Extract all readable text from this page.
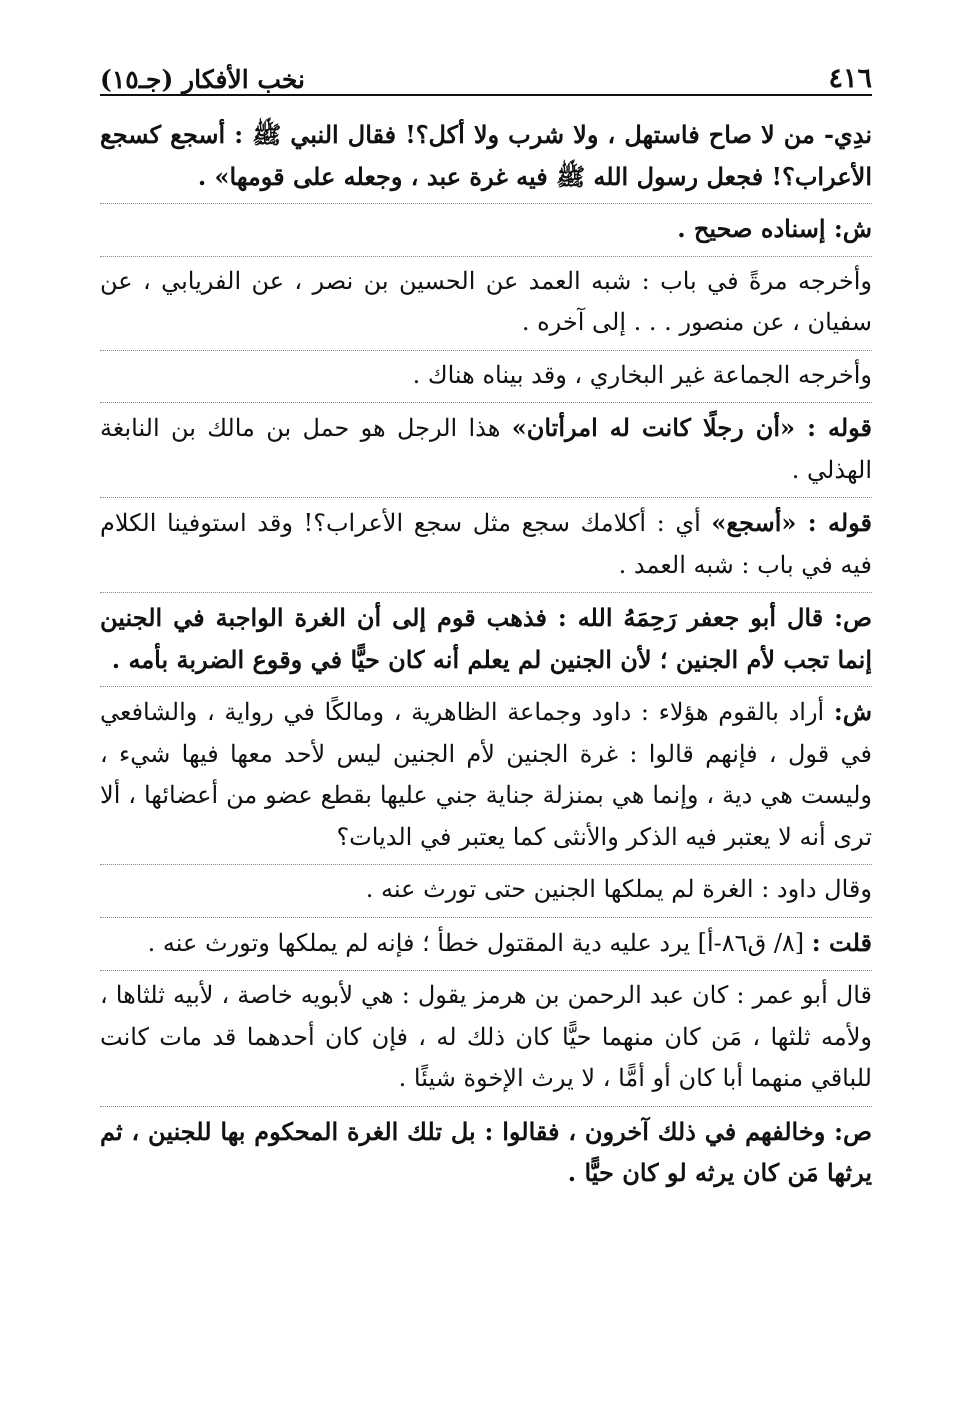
٤١٦
نخب الأفكار (جـ١٥)

ندِي- من لا صاح فاستهل ، ولا شرب ولا أكل؟! فقال النبي ﷺ : أسجع كسجع الأعراب؟! فجعل رسول الله ﷺ فيه غرة عبد ، وجعله على قومها» .

ش: إسناده صحيح .

وأخرجه مرةً في باب : شبه العمد عن الحسين بن نصر ، عن الفريابي ، عن سفيان ، عن منصور . . . إلى آخره .

وأخرجه الجماعة غير البخاري ، وقد بيناه هناك .

قوله : «أن رجلًا كانت له امرأتان» هذا الرجل هو حمل بن مالك بن النابغة الهذلي .

قوله : «أسجع» أي : أكلامك سجع مثل سجع الأعراب؟! وقد استوفينا الكلام فيه في باب : شبه العمد .

ص: قال أبو جعفر رَحِمَهُ الله : فذهب قوم إلى أن الغرة الواجبة في الجنين إنما تجب لأم الجنين ؛ لأن الجنين لم يعلم أنه كان حيًّا في وقوع الضربة بأمه .

ش: أراد بالقوم هؤلاء : داود وجماعة الظاهرية ، ومالكًا في رواية ، والشافعي في قول ، فإنهم قالوا : غرة الجنين لأم الجنين ليس لأحد معها فيها شيء ، وليست هي دية ، وإنما هي بمنزلة جناية جني عليها بقطع عضو من أعضائها ، ألا ترى أنه لا يعتبر فيه الذكر والأنثى كما يعتبر في الديات؟

وقال داود : الغرة لم يملكها الجنين حتى تورث عنه .

قلت : [٨/ ق٨٦-أ] يرد عليه دية المقتول خطأ ؛ فإنه لم يملكها وتورث عنه .

قال أبو عمر : كان عبد الرحمن بن هرمز يقول : هي لأبويه خاصة ، لأبيه ثلثاها ، ولأمه ثلثها ، مَن كان منهما حيًّا كان ذلك له ، فإن كان أحدهما قد مات كانت للباقي منهما أبا كان أو أمًّا ، لا يرث الإخوة شيئًا .

ص: وخالفهم في ذلك آخرون ، فقالوا : بل تلك الغرة المحكوم بها للجنين ، ثم يرثها مَن كان يرثه لو كان حيًّا .
